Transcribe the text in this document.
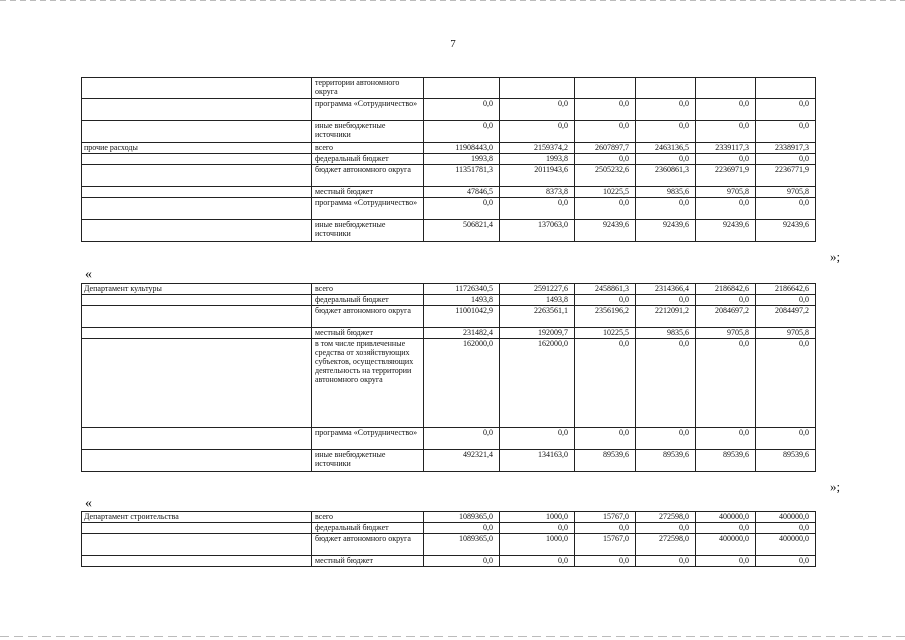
7
	территории автономного округа						
	программа «Сотрудничество»	0,0	0,0	0,0	0,0	0,0	0,0
	иные внебюджетные источники	0,0	0,0	0,0	0,0	0,0	0,0
прочие расходы	всего	11908443,0	2159374,2	2607897,7	2463136,5	2339117,3	2338917,3
	федеральный бюджет	1993,8	1993,8	0,0	0,0	0,0	0,0
	бюджет автономного округа	11351781,3	2011943,6	2505232,6	2360861,3	2236971,9	2236771,9
	местный бюджет	47846,5	8373,8	10225,5	9835,6	9705,8	9705,8
	программа «Сотрудничество»	0,0	0,0	0,0	0,0	0,0	0,0
	иные внебюджетные источники	506821,4	137063,0	92439,6	92439,6	92439,6	92439,6
»;
«
Департамент культуры	всего	11726340,5	2591227,6	2458861,3	2314366,4	2186842,6	2186642,6
	федеральный бюджет	1493,8	1493,8	0,0	0,0	0,0	0,0
	бюджет автономного округа	11001042,9	2263561,1	2356196,2	2212091,2	2084697,2	2084497,2
	местный бюджет	231482,4	192009,7	10225,5	9835,6	9705,8	9705,8
	в том числе привлеченные средства от хозяйствующих субъектов, осуществляющих деятельность на территории автономного округа	162000,0	162000,0	0,0	0,0	0,0	0,0
	программа «Сотрудничество»	0,0	0,0	0,0	0,0	0,0	0,0
	иные внебюджетные источники	492321,4	134163,0	89539,6	89539,6	89539,6	89539,6
»;
«
Департамент строительства	всего	1089365,0	1000,0	15767,0	272598,0	400000,0	400000,0
	федеральный бюджет	0,0	0,0	0,0	0,0	0,0	0,0
	бюджет автономного округа	1089365,0	1000,0	15767,0	272598,0	400000,0	400000,0
	местный бюджет	0,0	0,0	0,0	0,0	0,0	0,0
